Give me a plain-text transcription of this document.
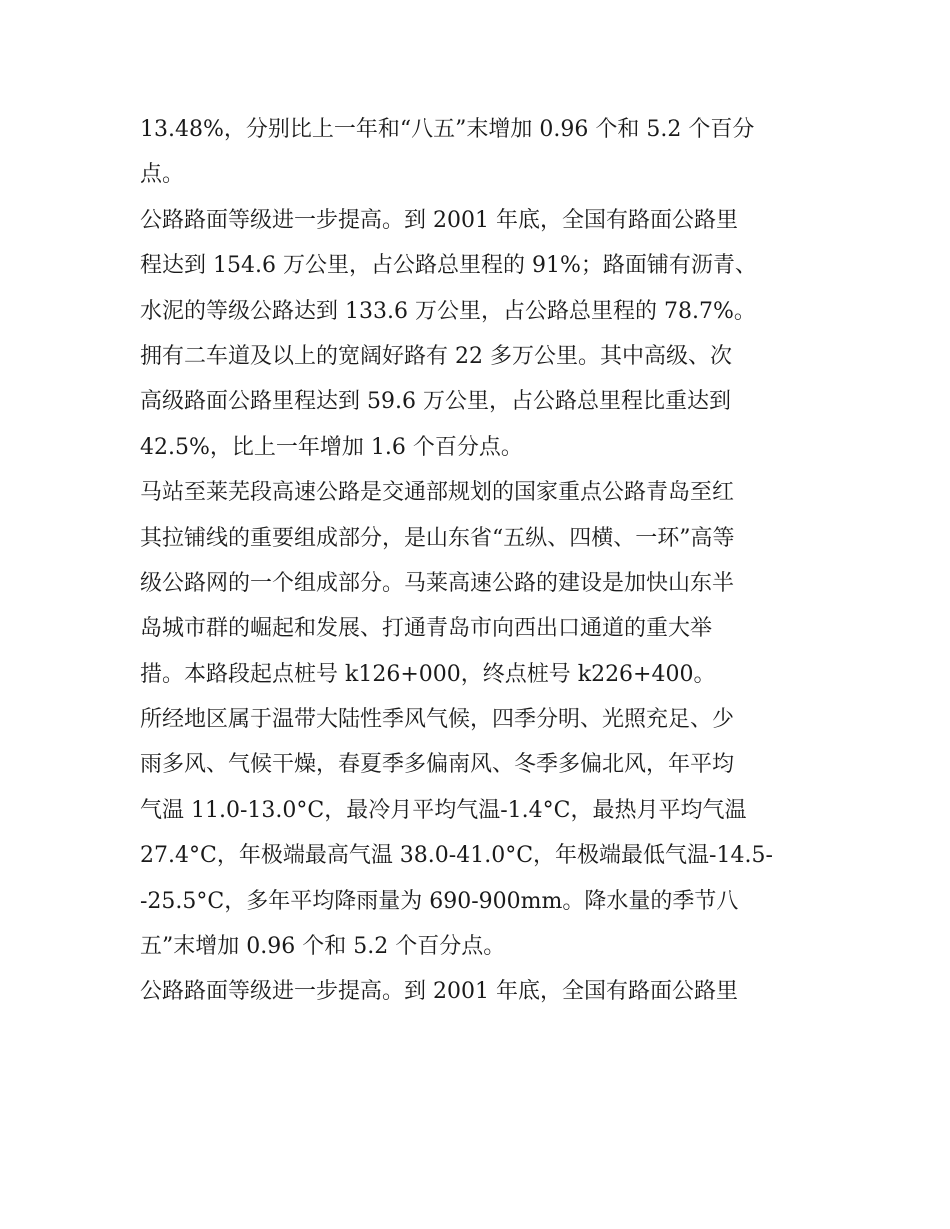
13.48%，分别比上一年和“八五”末增加 0.96 个和 5.2 个百分
点。
公路路面等级进一步提高。到 2001 年底，全国有路面公路里
程达到 154.6 万公里，占公路总里程的 91%；路面铺有沥青、
水泥的等级公路达到 133.6 万公里，占公路总里程的 78.7%。
拥有二车道及以上的宽阔好路有 22 多万公里。其中高级、次
高级路面公路里程达到 59.6 万公里，占公路总里程比重达到
42.5%，比上一年增加 1.6 个百分点。
马站至莱芜段高速公路是交通部规划的国家重点公路青岛至红
其拉铺线的重要组成部分，是山东省“五纵、四横、一环”高等
级公路网的一个组成部分。马莱高速公路的建设是加快山东半
岛城市群的崛起和发展、打通青岛市向西出口通道的重大举
措。本路段起点桩号 k126+000，终点桩号 k226+400。
所经地区属于温带大陆性季风气候，四季分明、光照充足、少
雨多风、气候干燥，春夏季多偏南风、冬季多偏北风，年平均
气温 11.0-13.0°C，最冷月平均气温-1.4°C，最热月平均气温
27.4°C，年极端最高气温 38.0-41.0°C，年极端最低气温-14.5-
-25.5°C，多年平均降雨量为 690-900mm。降水量的季节八
五”末增加 0.96 个和 5.2 个百分点。
公路路面等级进一步提高。到 2001 年底，全国有路面公路里
